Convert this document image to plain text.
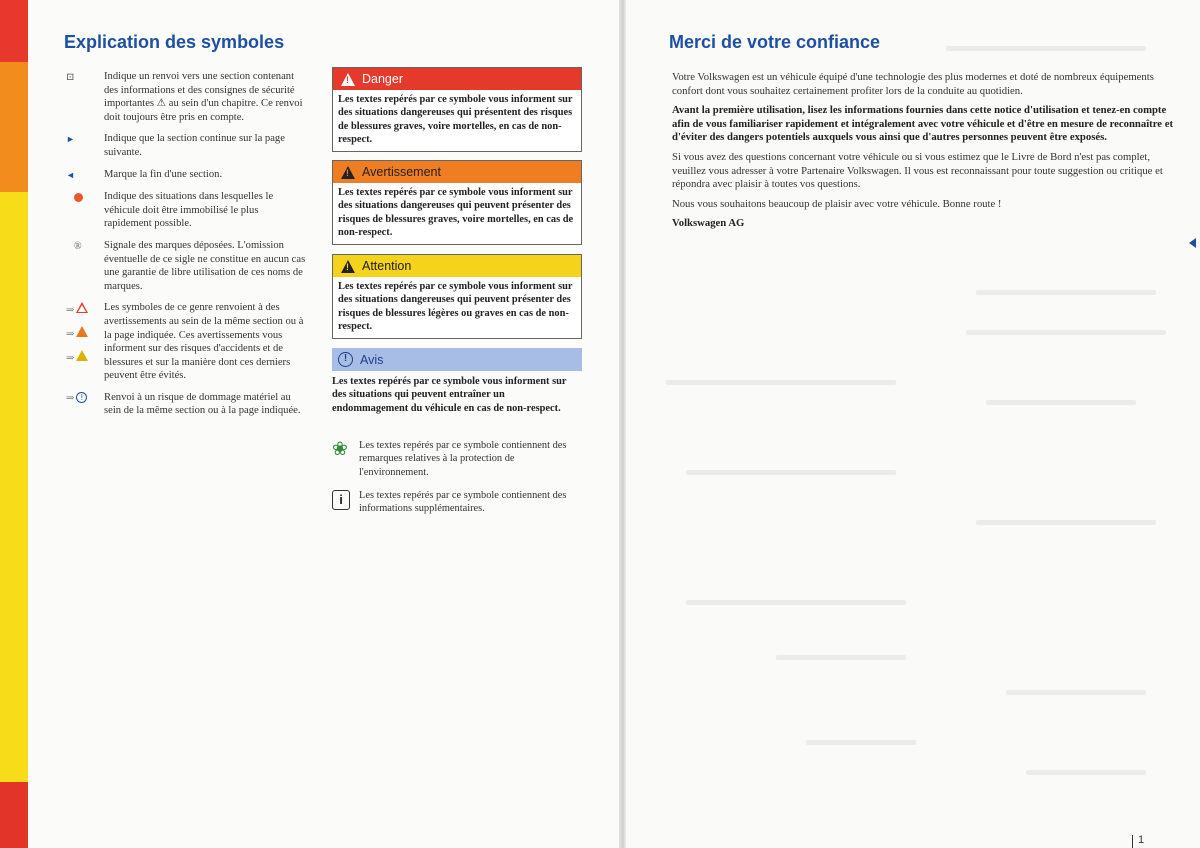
Explication des symboles
⊡	Indique un renvoi vers une section contenant des informations et des consignes de sécurité importantes ⚠ au sein d'un chapitre. Ce renvoi doit toujours être pris en compte.
►	Indique que la section continue sur la page suivante.
◄	Marque la fin d'une section.
Indique des situations dans lesquelles le véhicule doit être immobilisé le plus rapidement possible.
®	Signale des marques déposées. L'omission éventuelle de ce sigle ne constitue en aucun cas une garantie de libre utilisation de ces noms de marques.
⇒
⇒
⇒
Les symboles de ce genre renvoient à des avertissements au sein de la même section ou à la page indiquée. Ces avertissements vous informent sur des risques d'accidents et de blessures et sur la manière dont ces derniers peuvent être évités.
⇒ !	Renvoi à un risque de dommage matériel au sein de la même section ou à la page indiquée.
!
Danger
Les textes repérés par ce symbole vous informent sur des situations dangereuses qui présentent des risques de blessures graves, voire mortelles, en cas de non-respect.
!
Avertissement
Les textes repérés par ce symbole vous informent sur des situations dangereuses qui peuvent présenter des risques de blessures graves, voire mortelles, en cas de non-respect.
!
Attention
Les textes repérés par ce symbole vous informent sur des situations dangereuses qui peuvent présenter des risques de blessures légères ou graves en cas de non-respect.
!	Avis
Les textes repérés par ce symbole vous informent sur des situations qui peuvent entraîner un endommagement du véhicule en cas de non-respect.
❀	Les textes repérés par ce symbole contiennent des remarques relatives à la protection de l'environnement.
i	Les textes repérés par ce symbole contiennent des informations supplémentaires.
Merci de votre confiance

Votre Volkswagen est un véhicule équipé d'une technologie des plus modernes et doté de nombreux équipements confort dont vous souhaitez certainement profiter lors de la conduite au quotidien.

Avant la première utilisation, lisez les informations fournies dans cette notice d'utilisation et tenez-en compte afin de vous familiariser rapidement et intégralement avec votre véhicule et d'être en mesure de reconnaître et d'éviter des dangers potentiels auxquels vous ainsi que d'autres personnes peuvent être exposés.

Si vous avez des questions concernant votre véhicule ou si vous estimez que le Livre de Bord n'est pas complet, veuillez vous adresser à votre Partenaire Volkswagen. Il vous est reconnaissant pour toute suggestion ou critique et répondra avec plaisir à toutes vos questions.

Nous vous souhaitons beaucoup de plaisir avec votre véhicule. Bonne route !

Volkswagen AG

1
